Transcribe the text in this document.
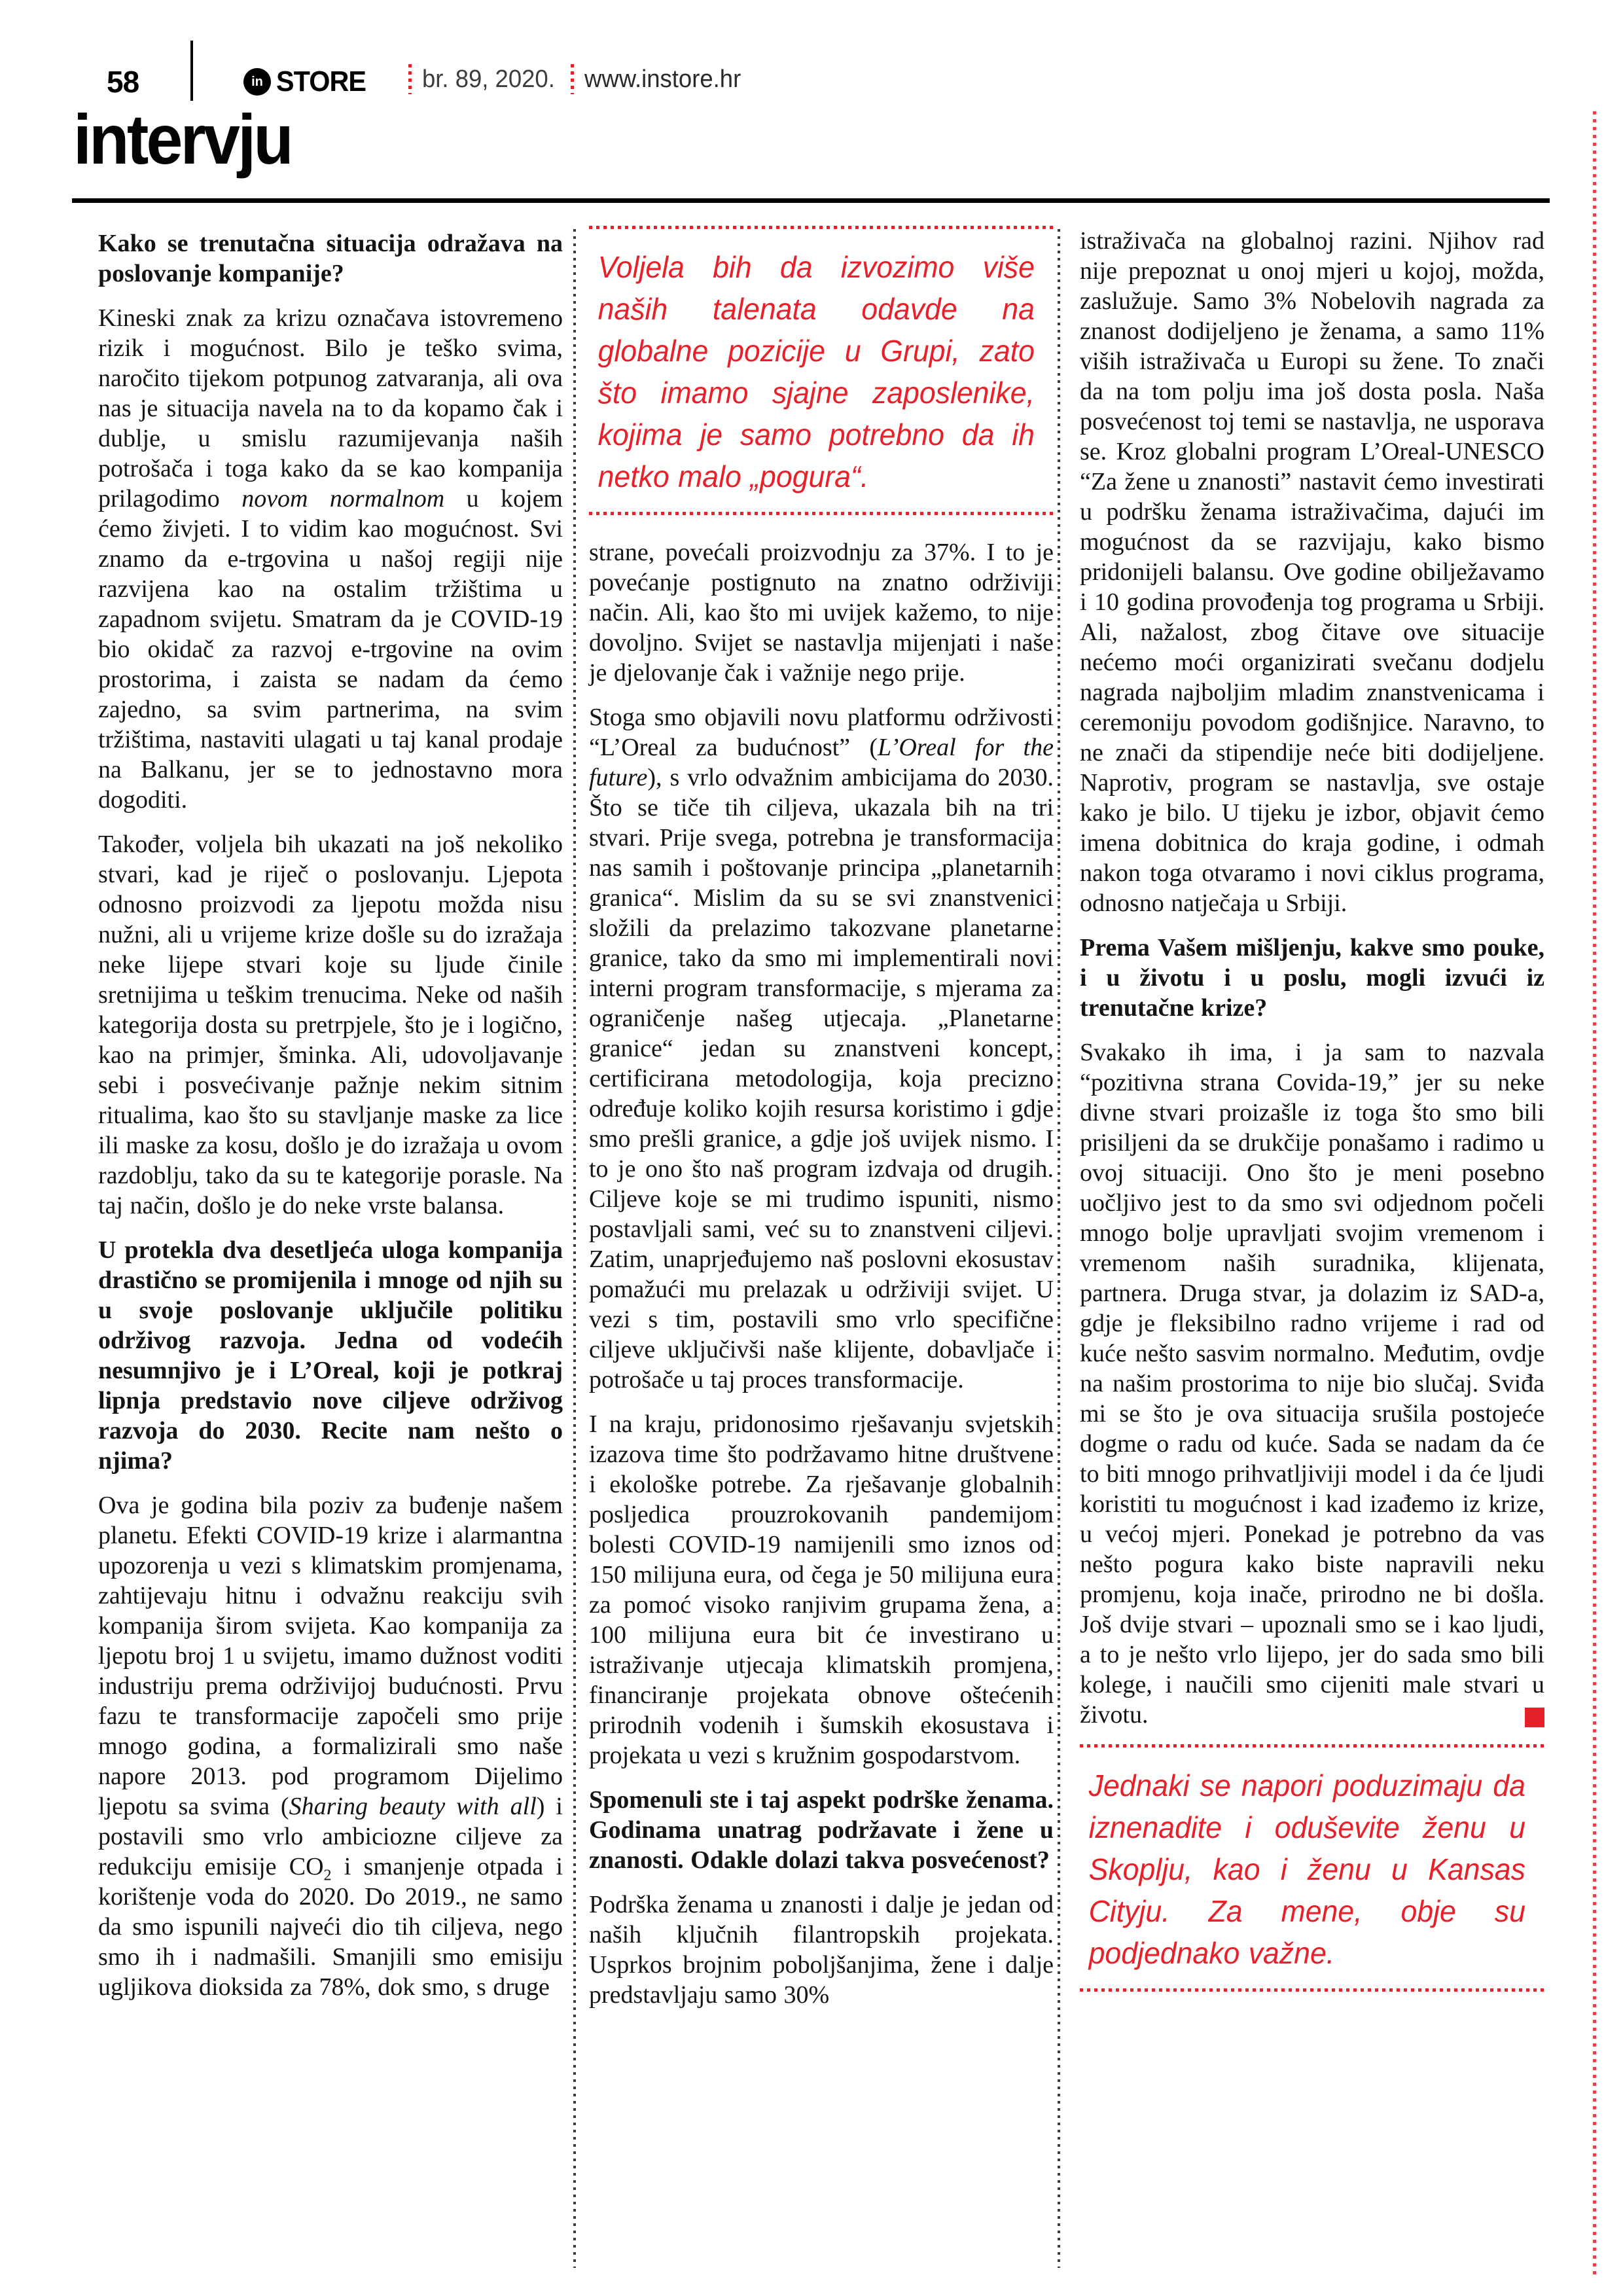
58	in STORE br. 89, 2020. www.instore.hr
intervju
Kako se trenutačna situacija odražava na poslovanje kompanije?
Kineski znak za krizu označava istovremeno rizik i mogućnost. Bilo je teško svima, naročito tijekom potpunog zatvaranja, ali ova nas je situacija navela na to da kopamo čak i dublje, u smislu razumijevanja naših potrošača i toga kako da se kao kompanija prilagodimo novom normalnom u kojem ćemo živjeti. I to vidim kao mogućnost. Svi znamo da e-trgovina u našoj regiji nije razvijena kao na ostalim tržištima u zapadnom svijetu. Smatram da je COVID-19 bio okidač za razvoj e-trgovine na ovim prostorima, i zaista se nadam da ćemo zajedno, sa svim partnerima, na svim tržištima, nastaviti ulagati u taj kanal prodaje na Balkanu, jer se to jednostavno mora dogoditi.
Također, voljela bih ukazati na još nekoliko stvari, kad je riječ o poslovanju. Ljepota odnosno proizvodi za ljepotu možda nisu nužni, ali u vrijeme krize došle su do izražaja neke lijepe stvari koje su ljude činile sretnijima u teškim trenucima. Neke od naših kategorija dosta su pretrpjele, što je i logično, kao na primjer, šminka. Ali, udovoljavanje sebi i posvećivanje pažnje nekim sitnim ritualima, kao što su stavljanje maske za lice ili maske za kosu, došlo je do izražaja u ovom razdoblju, tako da su te kategorije porasle. Na taj način, došlo je do neke vrste balansa.
U protekla dva desetljeća uloga kompanija drastično se promijenila i mnoge od njih su u svoje poslovanje uključile politiku održivog razvoja. Jedna od vodećih nesumnjivo je i L’Oreal, koji je potkraj lipnja predstavio nove ciljeve održivog razvoja do 2030. Recite nam nešto o njima?
Ova je godina bila poziv za buđenje našem planetu. Efekti COVID-19 krize i alarmantna upozorenja u vezi s klimatskim promjenama, zahtijevaju hitnu i odvažnu reakciju svih kompanija širom svijeta. Kao kompanija za ljepotu broj 1 u svijetu, imamo dužnost voditi industriju prema održivijoj budućnosti. Prvu fazu te transformacije započeli smo prije mnogo godina, a formalizirali smo naše napore 2013. pod programom Dijelimo ljepotu sa svima (Sharing beauty with all) i postavili smo vrlo ambiciozne ciljeve za redukciju emisije $CO_2$ i smanjenje otpada i korištenje voda do 2020. Do 2019., ne samo da smo ispunili najveći dio tih ciljeva, nego smo ih i nadmašili. Smanjili smo emisiju ugljikova dioksida za 78%, dok smo, s druge
Voljela bih da izvozimo više naših talenata odavde na globalne pozicije u Grupi, zato što imamo sjajne zaposlenike, kojima je samo potrebno da ih netko malo „pogura“.
strane, povećali proizvodnju za 37%. I to je povećanje postignuto na znatno održiviji način. Ali, kao što mi uvijek kažemo, to nije dovoljno. Svijet se nastavlja mijenjati i naše je djelovanje čak i važnije nego prije.
Stoga smo objavili novu platformu održivosti “L’Oreal za budućnost” (L’Oreal for the future), s vrlo odvažnim ambicijama do 2030. Što se tiče tih ciljeva, ukazala bih na tri stvari. Prije svega, potrebna je transformacija nas samih i poštovanje principa „planetarnih granica“. Mislim da su se svi znanstvenici složili da prelazimo takozvane planetarne granice, tako da smo mi implementirali novi interni program transformacije, s mjerama za ograničenje našeg utjecaja. „Planetarne granice“ jedan su znanstveni koncept, certificirana metodologija, koja precizno određuje koliko kojih resursa koristimo i gdje smo prešli granice, a gdje još uvijek nismo. I to je ono što naš program izdvaja od drugih. Ciljeve koje se mi trudimo ispuniti, nismo postavljali sami, već su to znanstveni ciljevi. Zatim, unaprjeđujemo naš poslovni ekosustav pomažući mu prelazak u održiviji svijet. U vezi s tim, postavili smo vrlo specifične ciljeve uključivši naše klijente, dobavljače i potrošače u taj proces transformacije.
I na kraju, pridonosimo rješavanju svjetskih izazova time što podržavamo hitne društvene i ekološke potrebe. Za rješavanje globalnih posljedica prouzrokovanih pandemijom bolesti COVID-19 namijenili smo iznos od 150 milijuna eura, od čega je 50 milijuna eura za pomoć visoko ranjivim grupama žena, a 100 milijuna eura bit će investirano u istraživanje utjecaja klimatskih promjena, financiranje projekata obnove oštećenih prirodnih vodenih i šumskih ekosustava i projekata u vezi s kružnim gospodarstvom.
Spomenuli ste i taj aspekt podrške ženama. Godinama unatrag podržavate i žene u znanosti. Odakle dolazi takva posvećenost?
Podrška ženama u znanosti i dalje je jedan od naših ključnih filantropskih projekata. Usprkos brojnim poboljšanjima, žene i dalje predstavljaju samo 30%
istraživača na globalnoj razini. Njihov rad nije prepoznat u onoj mjeri u kojoj, možda, zaslužuje. Samo 3% Nobelovih nagrada za znanost dodijeljeno je ženama, a samo 11% viših istraživača u Europi su žene. To znači da na tom polju ima još dosta posla. Naša posvećenost toj temi se nastavlja, ne usporava se. Kroz globalni program L’Oreal-UNESCO “Za žene u znanosti” nastavit ćemo investirati u podršku ženama istraživačima, dajući im mogućnost da se razvijaju, kako bismo pridonijeli balansu. Ove godine obilježavamo i 10 godina provođenja tog programa u Srbiji. Ali, nažalost, zbog čitave ove situacije nećemo moći organizirati svečanu dodjelu nagrada najboljim mladim znanstvenicama i ceremoniju povodom godišnjice. Naravno, to ne znači da stipendije neće biti dodijeljene. Naprotiv, program se nastavlja, sve ostaje kako je bilo. U tijeku je izbor, objavit ćemo imena dobitnica do kraja godine, i odmah nakon toga otvaramo i novi ciklus programa, odnosno natječaja u Srbiji.
Prema Vašem mišljenju, kakve smo pouke, i u životu i u poslu, mogli izvući iz trenutačne krize?
Svakako ih ima, i ja sam to nazvala “pozitivna strana Covida-19,” jer su neke divne stvari proizašle iz toga što smo bili prisiljeni da se drukčije ponašamo i radimo u ovoj situaciji. Ono što je meni posebno uočljivo jest to da smo svi odjednom počeli mnogo bolje upravljati svojim vremenom i vremenom naših suradnika, klijenata, partnera. Druga stvar, ja dolazim iz SAD-a, gdje je fleksibilno radno vrijeme i rad od kuće nešto sasvim normalno. Međutim, ovdje na našim prostorima to nije bio slučaj. Sviđa mi se što je ova situacija srušila postojeće dogme o radu od kuće. Sada se nadam da će to biti mnogo prihvatljiviji model i da će ljudi koristiti tu mogućnost i kad izađemo iz krize, u većoj mjeri. Ponekad je potrebno da vas nešto pogura kako biste napravili neku promjenu, koja inače, prirodno ne bi došla. Još dvije stvari – upoznali smo se i kao ljudi, a to je nešto vrlo lijepo, jer do sada smo bili kolege, i naučili smo cijeniti male stvari u životu.
Jednaki se napori poduzimaju da iznenadite i oduševite ženu u Skoplju, kao i ženu u Kansas Cityju. Za mene, obje su podjednako važne.
